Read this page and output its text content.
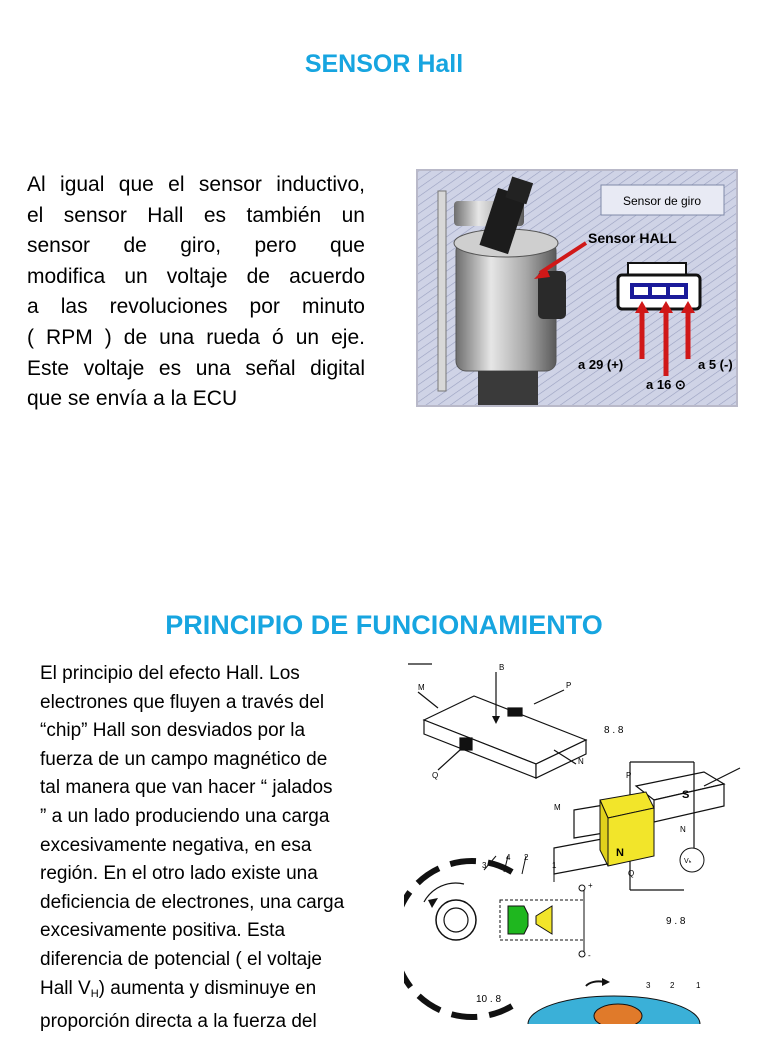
SENSOR Hall
Al igual que el sensor inductivo,
el sensor Hall es también un
sensor de giro, pero que
modifica un voltaje de acuerdo
a las revoluciones por minuto
( RPM ) de una rueda ó un eje.
Este voltaje es una señal digital
que se envía a la ECU
Sensor de giro
Sensor HALL
a 29 (+)
a 16 ⊙
a 5 (-)
PRINCIPIO DE FUNCIONAMIENTO
El principio del efecto Hall. Los
electrones que fluyen a través del
“chip” Hall son desviados por la
fuerza de un campo magnético de
tal manera que van hacer “ jalados
” a un lado produciendo una carga
excesivamente negativa, en esa
región. En el otro lado existe una
deficiencia de electrones, una carga
excesivamente positiva. Esta
diferencia de potencial ( el voltaje
Hall $V_H$) aumenta y disminuye en
proporción directa a la fuerza del
B
P
M
Q
N
8 . 8
S
N
P
M
N
Q
Vₕ
9 . 8
3
4 2
1
+
-
10 . 8
3 2	1
